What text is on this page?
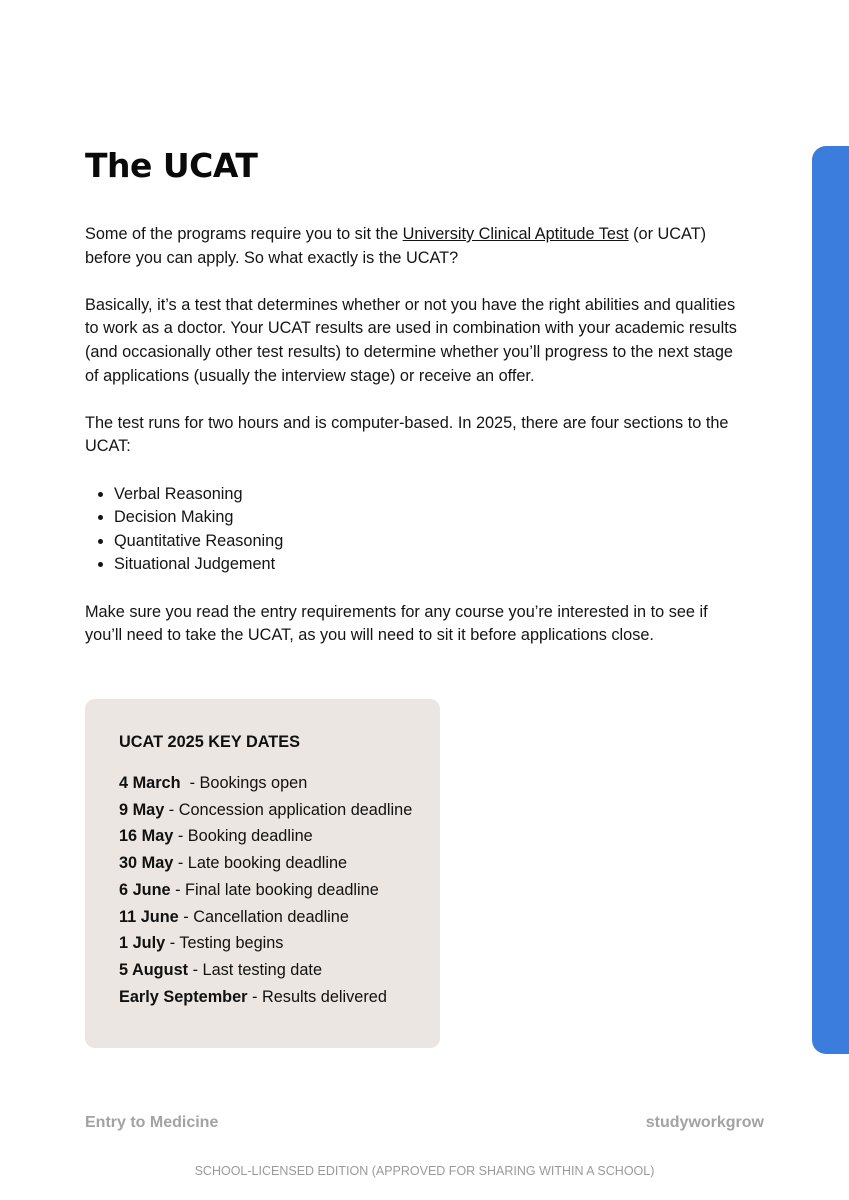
The UCAT

Some of the programs require you to sit the University Clinical Aptitude Test (or UCAT) before you can apply. So what exactly is the UCAT?

Basically, it’s a test that determines whether or not you have the right abilities and qualities to work as a doctor. Your UCAT results are used in combination with your academic results (and occasionally other test results) to determine whether you’ll progress to the next stage of applications (usually the interview stage) or receive an offer.

The test runs for two hours and is computer-based. In 2025, there are four sections to the UCAT:

• Verbal Reasoning
• Decision Making
• Quantitative Reasoning
• Situational Judgement

Make sure you read the entry requirements for any course you’re interested in to see if you’ll need to take the UCAT, as you will need to sit it before applications close.

UCAT 2025 KEY DATES
4 March  - Bookings open
9 May - Concession application deadline
16 May - Booking deadline
30 May - Late booking deadline
6 June - Final late booking deadline
11 June - Cancellation deadline
1 July - Testing begins
5 August - Last testing date
Early September - Results delivered
Entry to Medicine	studyworkgrow
SCHOOL-LICENSED EDITION (APPROVED FOR SHARING WITHIN A SCHOOL)
